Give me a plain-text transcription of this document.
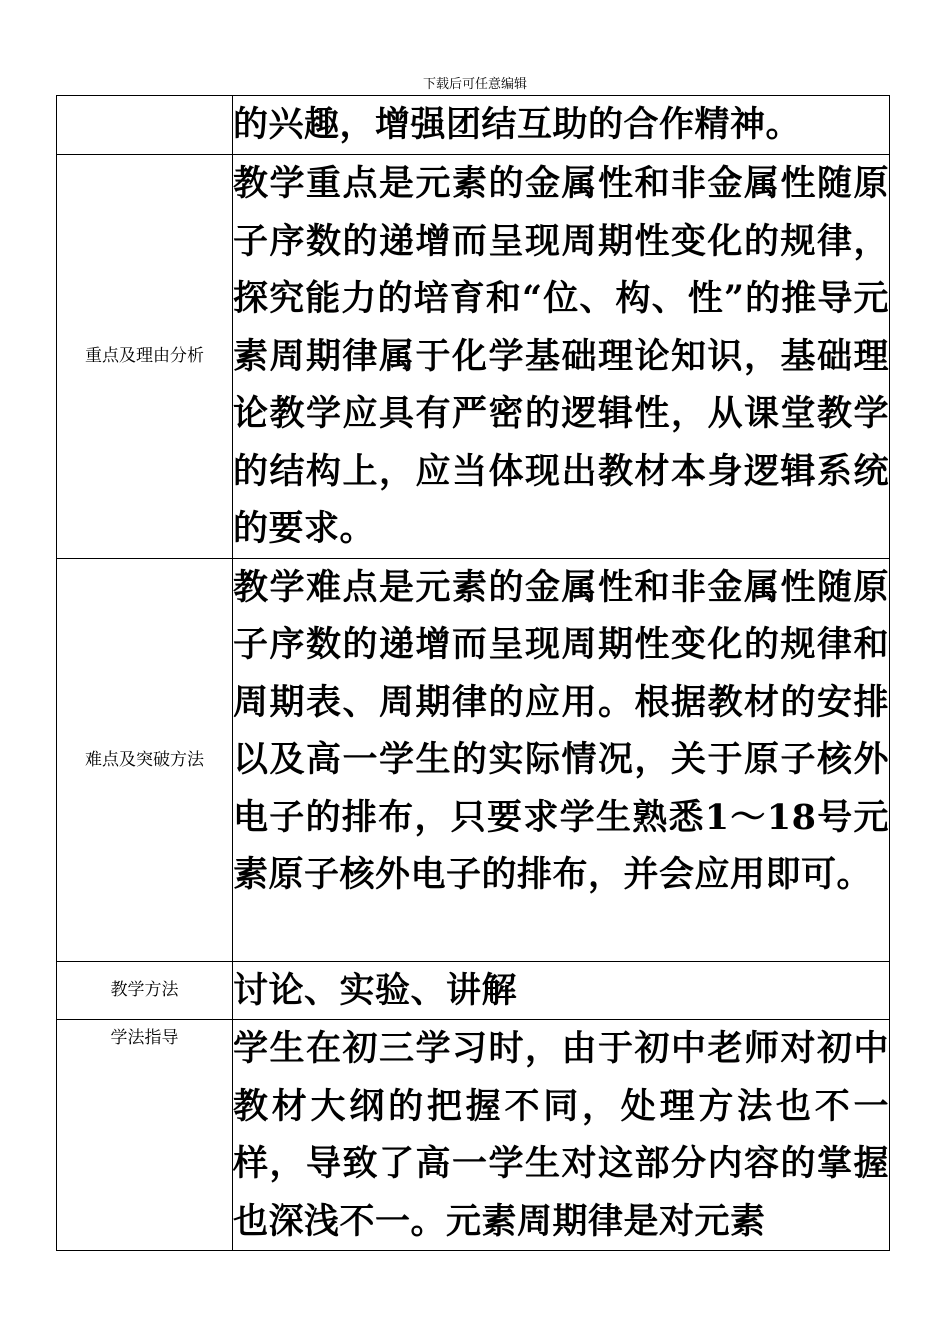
下载后可任意编辑
	的兴趣，增强团结互助的合作精神。
重点及理由分析	教学重点是元素的金属性和非金属性随原子序数的递增而呈现周期性变化的规律，探究能力的培育和“位、构、性”的推导元素周期律属于化学基础理论知识，基础理论教学应具有严密的逻辑性，从课堂教学的结构上，应当体现出教材本身逻辑系统的要求。
难点及突破方法	教学难点是元素的金属性和非金属性随原子序数的递增而呈现周期性变化的规律和周期表、周期律的应用。根据教材的安排以及高一学生的实际情况，关于原子核外电子的排布，只要求学生熟悉1～18号元素原子核外电子的排布，并会应用即可。
教学方法	讨论、实验、讲解
学法指导	学生在初三学习时，由于初中老师对初中教材大纲的把握不同，处理方法也不一样，导致了高一学生对这部分内容的掌握也深浅不一。元素周期律是对元素
